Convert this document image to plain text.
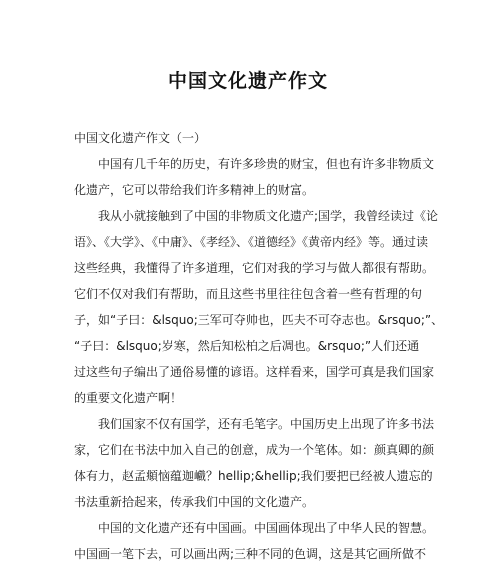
中国文化遗产作文
中国文化遗产作文（一）
中国有几千年的历史，有许多珍贵的财宝，但也有许多非物质文
化遗产，它可以带给我们许多精神上的财富。
我从小就接触到了中国的非物质文化遗产;国学，我曾经读过《论
语》、《大学》、《中庸》、《孝经》、《道德经》《黄帝内经》等。通过读
这些经典，我懂得了许多道理，它们对我的学习与做人都很有帮助。
它们不仅对我们有帮助，而且这些书里往往包含着一些有哲理的句
子，如“子曰：&lsquo;三军可夺帅也，匹夫不可夺志也。&rsquo;”、
“子曰：&lsquo;岁寒，然后知松柏之后凋也。&rsquo;”人们还通
过这些句子编出了通俗易懂的谚语。这样看来，国学可真是我们国家
的重要文化遗产啊！
我们国家不仅有国学，还有毛笔字。中国历史上出现了许多书法
家，它们在书法中加入自己的创意，成为一个笔体。如：颜真卿的颜
体有力，赵孟頫恼蕴迦巇？hellip;&hellip;我们要把已经被人遗忘的
书法重新拾起来，传承我们中国的文化遗产。
中国的文化遗产还有中国画。中国画体现出了中华人民的智慧。
中国画一笔下去，可以画出两;三种不同的色调，这是其它画所做不
